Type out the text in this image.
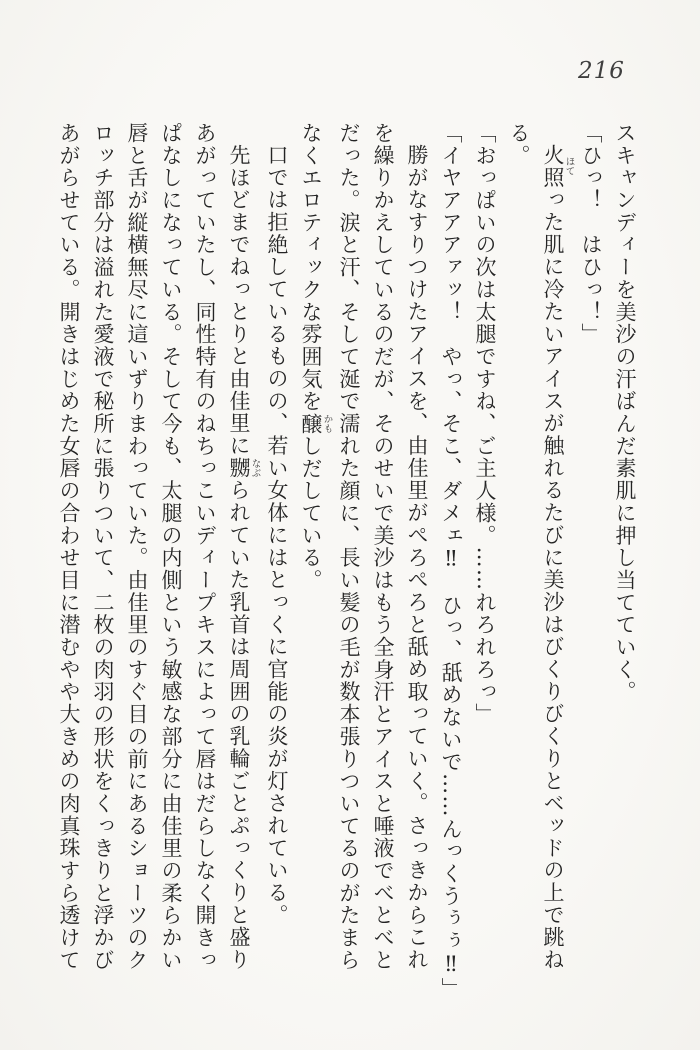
216
スキャンディーを美沙の汗ばんだ素肌に押し当てていく。
「ひっ！　はひっ！」
火照ほてった肌に冷たいアイスが触れるたびに美沙はびくりびくりとベッドの上で跳ね
る。
「おっぱいの次は太腿ですね、ご主人様。……れろれろっ」
「イヤアアアァッ！　やっ、そこ、ダメェ‼　ひっ、舐めないで……んっくうぅぅ‼」
勝がなすりつけたアイスを、由佳里がぺろぺろと舐め取っていく。さっきからこれ
を繰りかえしているのだが、そのせいで美沙はもう全身汗とアイスと唾液でべとべと
だった。涙と汗、そして涎で濡れた顔に、長い髪の毛が数本張りついてるのがたまら
なくエロティックな雰囲気を醸かもしだしている。
口では拒絶しているものの、若い女体にはとっくに官能の炎が灯されている。
先ほどまでねっとりと由佳里に嬲なぶられていた乳首は周囲の乳輪ごとぷっくりと盛り
あがっていたし、同性特有のねちっこいディープキスによって唇はだらしなく開きっ
ぱなしになっている。そして今も、太腿の内側という敏感な部分に由佳里の柔らかい
唇と舌が縦横無尽に這いずりまわっていた。由佳里のすぐ目の前にあるショーツのク
ロッチ部分は溢れた愛液で秘所に張りついて、二枚の肉羽の形状をくっきりと浮かび
あがらせている。開きはじめた女唇の合わせ目に潜むやや大きめの肉真珠すら透けて
